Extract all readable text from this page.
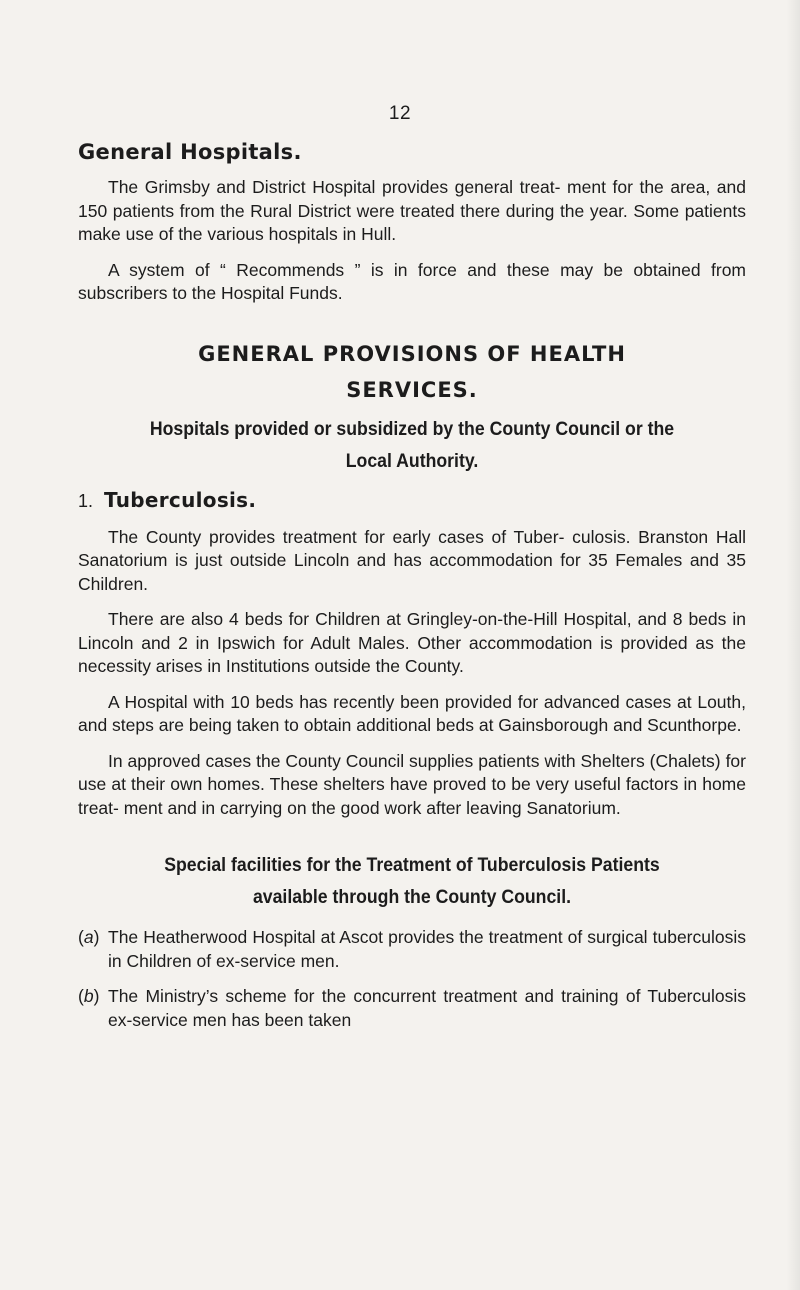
12
General Hospitals.

The Grimsby and District Hospital provides general treat- ment for the area, and 150 patients from the Rural District were treated there during the year. Some patients make use of the various hospitals in Hull.

A system of “ Recommends ” is in force and these may be obtained from subscribers to the Hospital Funds.

GENERAL PROVISIONS OF HEALTH
SERVICES.
Hospitals provided or subsidized by the County Council or the
Local Authority.
1. Tuberculosis.

The County provides treatment for early cases of Tuber- culosis. Branston Hall Sanatorium is just outside Lincoln and has accommodation for 35 Females and 35 Children.

There are also 4 beds for Children at Gringley-on-the-Hill Hospital, and 8 beds in Lincoln and 2 in Ipswich for Adult Males. Other accommodation is provided as the necessity arises in Institutions outside the County.

A Hospital with 10 beds has recently been provided for advanced cases at Louth, and steps are being taken to obtain additional beds at Gainsborough and Scunthorpe.

In approved cases the County Council supplies patients with Shelters (Chalets) for use at their own homes. These shelters have proved to be very useful factors in home treat- ment and in carrying on the good work after leaving Sanatorium.

Special facilities for the Treatment of Tuberculosis Patients
available through the County Council.
(a) The Heatherwood Hospital at Ascot provides the treatment of surgical tuberculosis in Children of ex-service men.
(b) The Ministry’s scheme for the concurrent treatment and training of Tuberculosis ex-service men has been taken
